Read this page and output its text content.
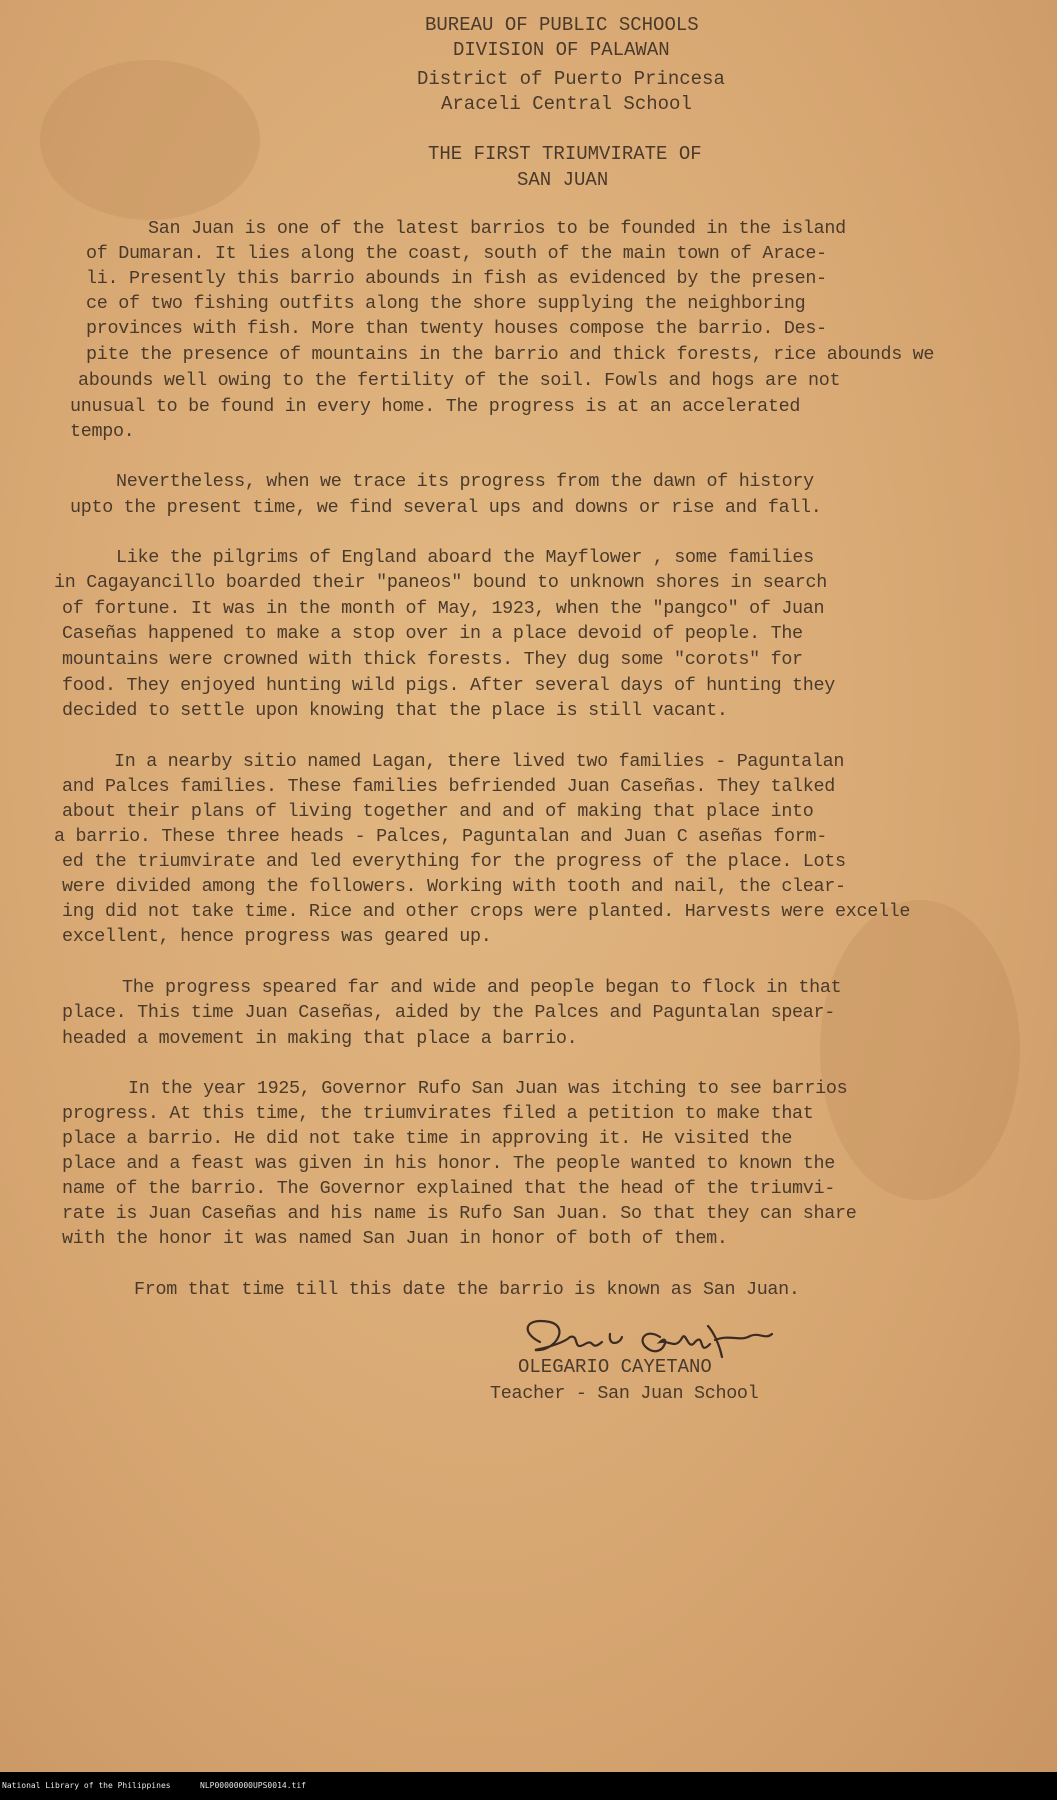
BUREAU OF PUBLIC SCHOOLS

DIVISION OF PALAWAN

District of Puerto Princesa

Araceli Central School

THE FIRST TRIUMVIRATE OF

SAN JUAN

San Juan is one of the latest barrios to be founded in the island

of Dumaran. It lies along the coast, south of the main town of Arace-

li. Presently this barrio abounds in fish as evidenced by the presen-

ce of two fishing outfits along the shore supplying the neighboring

provinces with fish. More than twenty houses compose the barrio. Des-

pite the presence of mountains in the barrio and thick forests, rice abounds we

abounds well owing to the fertility of the soil. Fowls and hogs are not

unusual to be found in every home. The progress is at an accelerated

tempo.

Nevertheless, when we trace its progress from the dawn of history

upto the present time, we find several ups and downs or rise and fall.

Like the pilgrims of England aboard the Mayflower , some families

in Cagayancillo boarded their "paneos" bound to unknown shores in search

of fortune. It was in the month of May, 1923, when the "pangco" of Juan

Caseñas happened to make a stop over in a place devoid of people. The

mountains were crowned with thick forests. They dug some "corots" for

food. They enjoyed hunting wild pigs. After several days of hunting they

decided to settle upon knowing that the place is still vacant.

In a nearby sitio named Lagan, there lived two families - Paguntalan

and Palces families. These families befriended Juan Caseñas. They talked

about their plans of living together and and of making that place into

a barrio. These three heads - Palces, Paguntalan and Juan C aseñas form-

ed the triumvirate and led everything for the progress of the place. Lots

were divided among the followers. Working with tooth and nail, the clear-

ing did not take time. Rice and other crops were planted. Harvests were excelle

excellent, hence progress was geared up.

The progress speared far and wide and people began to flock in that

place. This time Juan Caseñas, aided by the Palces and Paguntalan spear-

headed a movement in making that place a barrio.

In the year 1925, Governor Rufo San Juan was itching to see barrios

progress. At this time, the triumvirates filed a petition to make that

place a barrio. He did not take time in approving it. He visited the

place and a feast was given in his honor. The people wanted to known the

name of the barrio. The Governor explained that the head of the triumvi-

rate is Juan Caseñas and his name is Rufo San Juan. So that they can share

with the honor it was named San Juan in honor of both of them.

From that time till this date the barrio is known as San Juan.

OLEGARIO CAYETANO

Teacher - San Juan School

National Library of the Philippines	NLP00000000UPS0014.tif
